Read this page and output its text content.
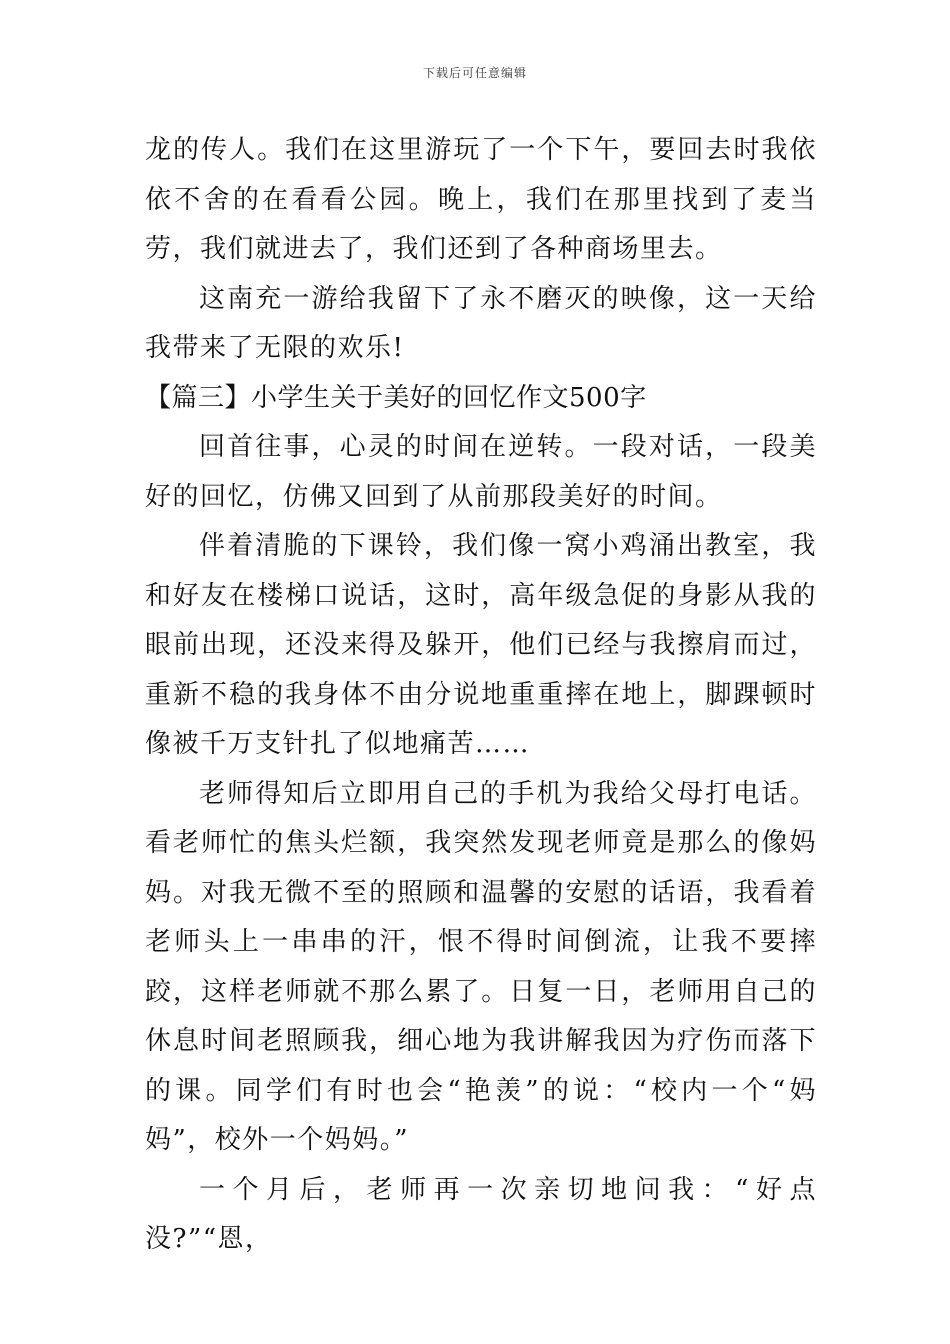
下载后可任意编辑

龙的传人。我们在这里游玩了一个下午，要回去时我依依不舍的在看看公园。晚上，我们在那里找到了麦当劳，我们就进去了，我们还到了各种商场里去。

这南充一游给我留下了永不磨灭的映像，这一天给我带来了无限的欢乐!

【篇三】小学生关于美好的回忆作文500字

回首往事，心灵的时间在逆转。一段对话，一段美好的回忆，仿佛又回到了从前那段美好的时间。

伴着清脆的下课铃，我们像一窝小鸡涌出教室，我和好友在楼梯口说话，这时，高年级急促的身影从我的眼前出现，还没来得及躲开，他们已经与我擦肩而过，重新不稳的我身体不由分说地重重摔在地上，脚踝顿时像被千万支针扎了似地痛苦……

老师得知后立即用自己的手机为我给父母打电话。看老师忙的焦头烂额，我突然发现老师竟是那么的像妈妈。对我无微不至的照顾和温馨的安慰的话语，我看着老师头上一串串的汗，恨不得时间倒流，让我不要摔跤，这样老师就不那么累了。日复一日，老师用自己的休息时间老照顾我，细心地为我讲解我因为疗伤而落下的课。同学们有时也会“艳羡”的说：“校内一个“妈妈”，校外一个妈妈。”

一个月后，老师再一次亲切地问我：“好点没?”“恩，
